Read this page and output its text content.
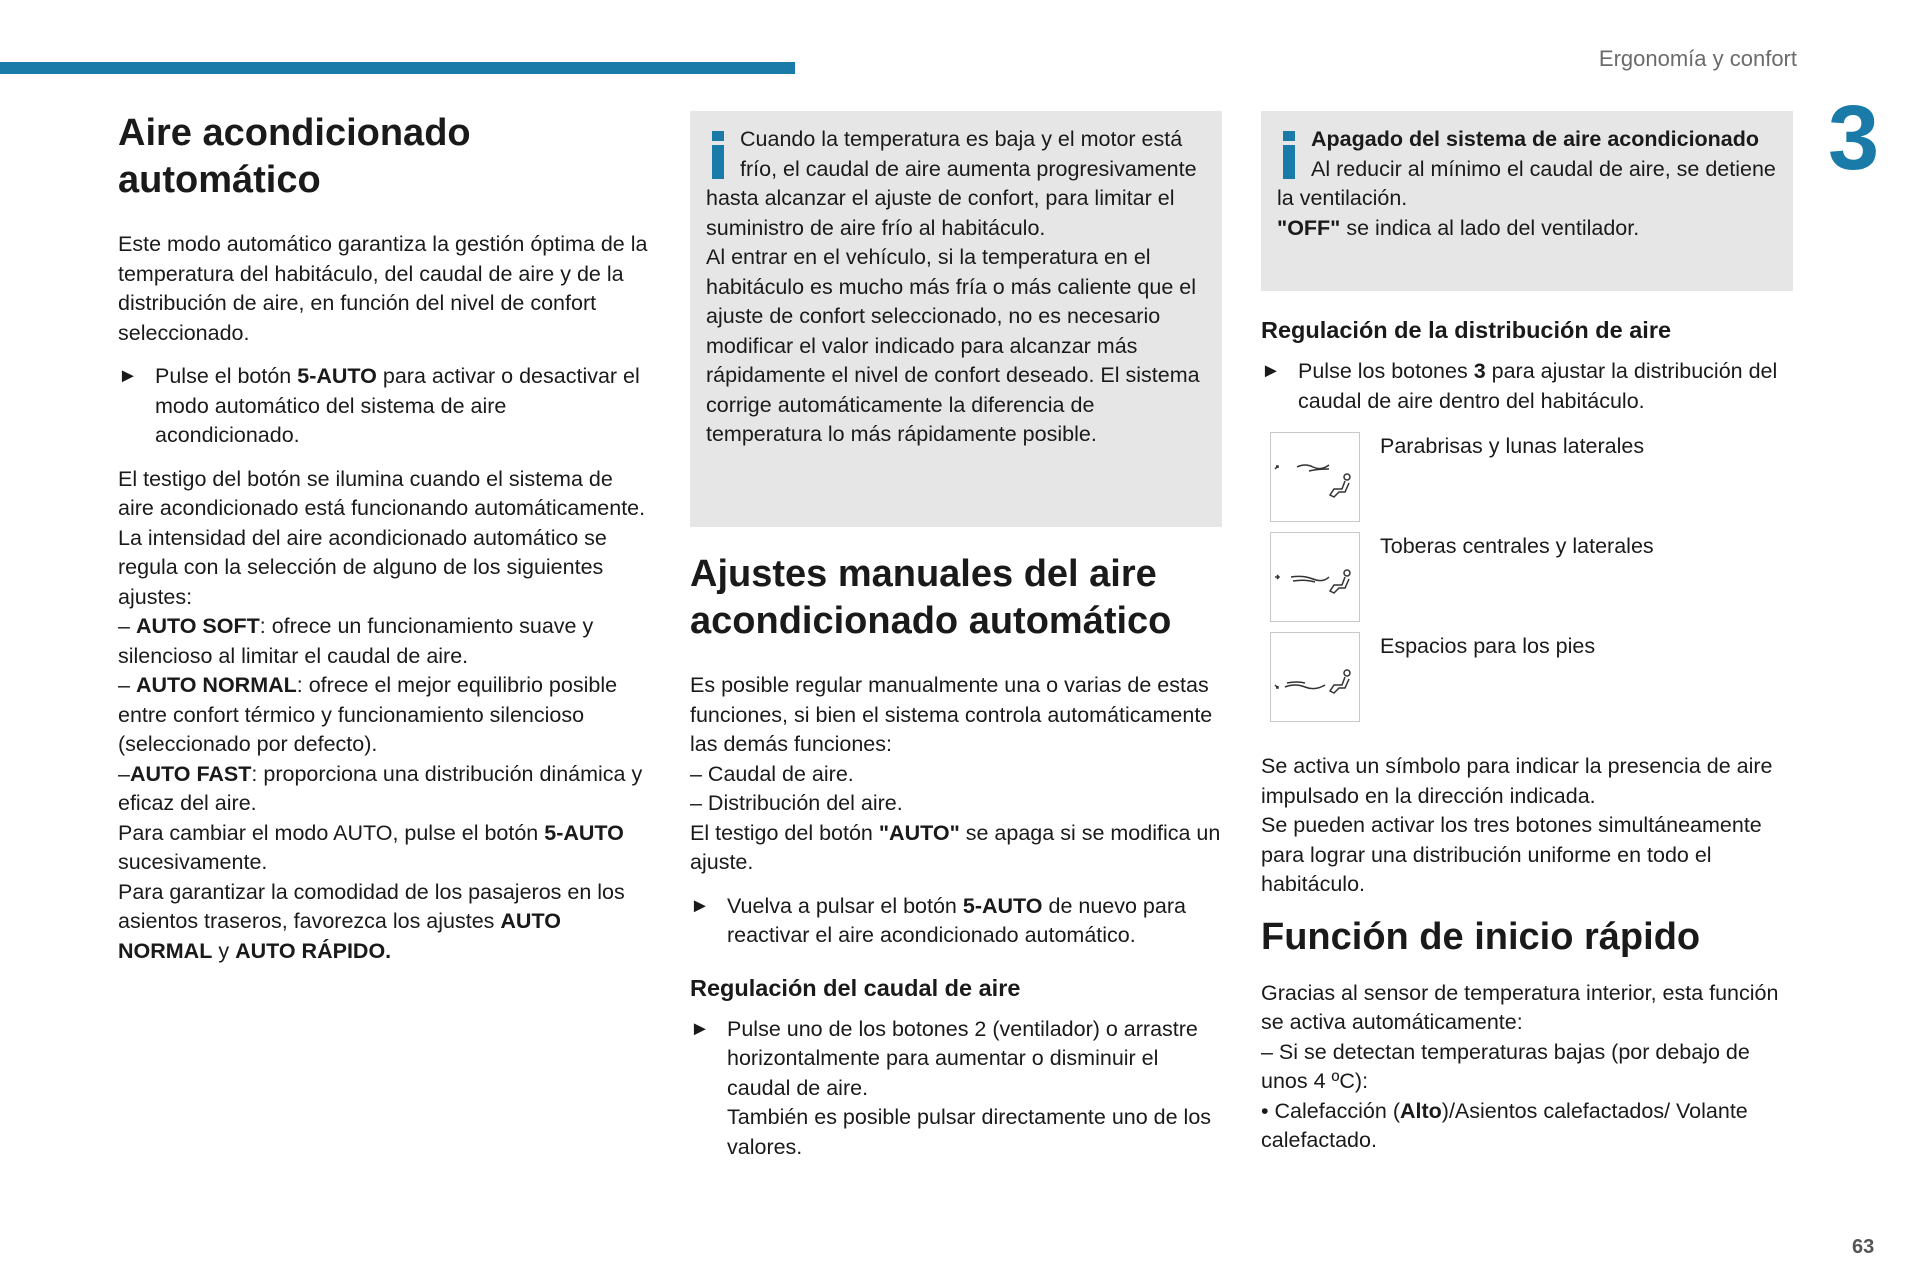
Ergonomía y confort
3
63
Aire acondicionado automático

Este modo automático garantiza la gestión óptima de la temperatura del habitáculo, del caudal de aire y de la distribución de aire, en función del nivel de confort seleccionado.

► Pulse el botón 5-AUTO para activar o desactivar el modo automático del sistema de aire acondicionado.

El testigo del botón se ilumina cuando el sistema de aire acondicionado está funcionando automáticamente.

La intensidad del aire acondicionado automático se regula con la selección de alguno de los siguientes ajustes:

– AUTO SOFT: ofrece un funcionamiento suave y silencioso al limitar el caudal de aire.

– AUTO NORMAL: ofrece el mejor equilibrio posible entre confort térmico y funcionamiento silencioso (seleccionado por defecto).

–AUTO FAST: proporciona una distribución dinámica y eficaz del aire.

Para cambiar el modo AUTO, pulse el botón 5-AUTO sucesivamente.

Para garantizar la comodidad de los pasajeros en los asientos traseros, favorezca los ajustes AUTO NORMAL y AUTO RÁPIDO.

Cuando la temperatura es baja y el motor está frío, el caudal de aire aumenta progresivamente hasta alcanzar el ajuste de confort, para limitar el suministro de aire frío al habitáculo.
Al entrar en el vehículo, si la temperatura en el habitáculo es mucho más fría o más caliente que el ajuste de confort seleccionado, no es necesario modificar el valor indicado para alcanzar más rápidamente el nivel de confort deseado. El sistema corrige automáticamente la diferencia de temperatura lo más rápidamente posible.
Ajustes manuales del aire acondicionado automático

Es posible regular manualmente una o varias de estas funciones, si bien el sistema controla automáticamente las demás funciones:

– Caudal de aire.

– Distribución del aire.

El testigo del botón "AUTO" se apaga si se modifica un ajuste.

► Vuelva a pulsar el botón 5-AUTO de nuevo para reactivar el aire acondicionado automático.
Regulación del caudal de aire
► Pulse uno de los botones 2 (ventilador) o arrastre horizontalmente para aumentar o disminuir el caudal de aire.
También es posible pulsar directamente uno de los valores.
Apagado del sistema de aire acondicionado
Al reducir al mínimo el caudal de aire, se detiene la ventilación.
"OFF" se indica al lado del ventilador.
Regulación de la distribución de aire
► Pulse los botones 3 para ajustar la distribución del caudal de aire dentro del habitáculo.
Parabrisas y lunas laterales
Toberas centrales y laterales
Espacios para los pies

Se activa un símbolo para indicar la presencia de aire impulsado en la dirección indicada.

Se pueden activar los tres botones simultáneamente para lograr una distribución uniforme en todo el habitáculo.

Función de inicio rápido

Gracias al sensor de temperatura interior, esta función se activa automáticamente:

– Si se detectan temperaturas bajas (por debajo de unos 4 ºC):

• Calefacción (Alto)/Asientos calefactados/ Volante calefactado.
